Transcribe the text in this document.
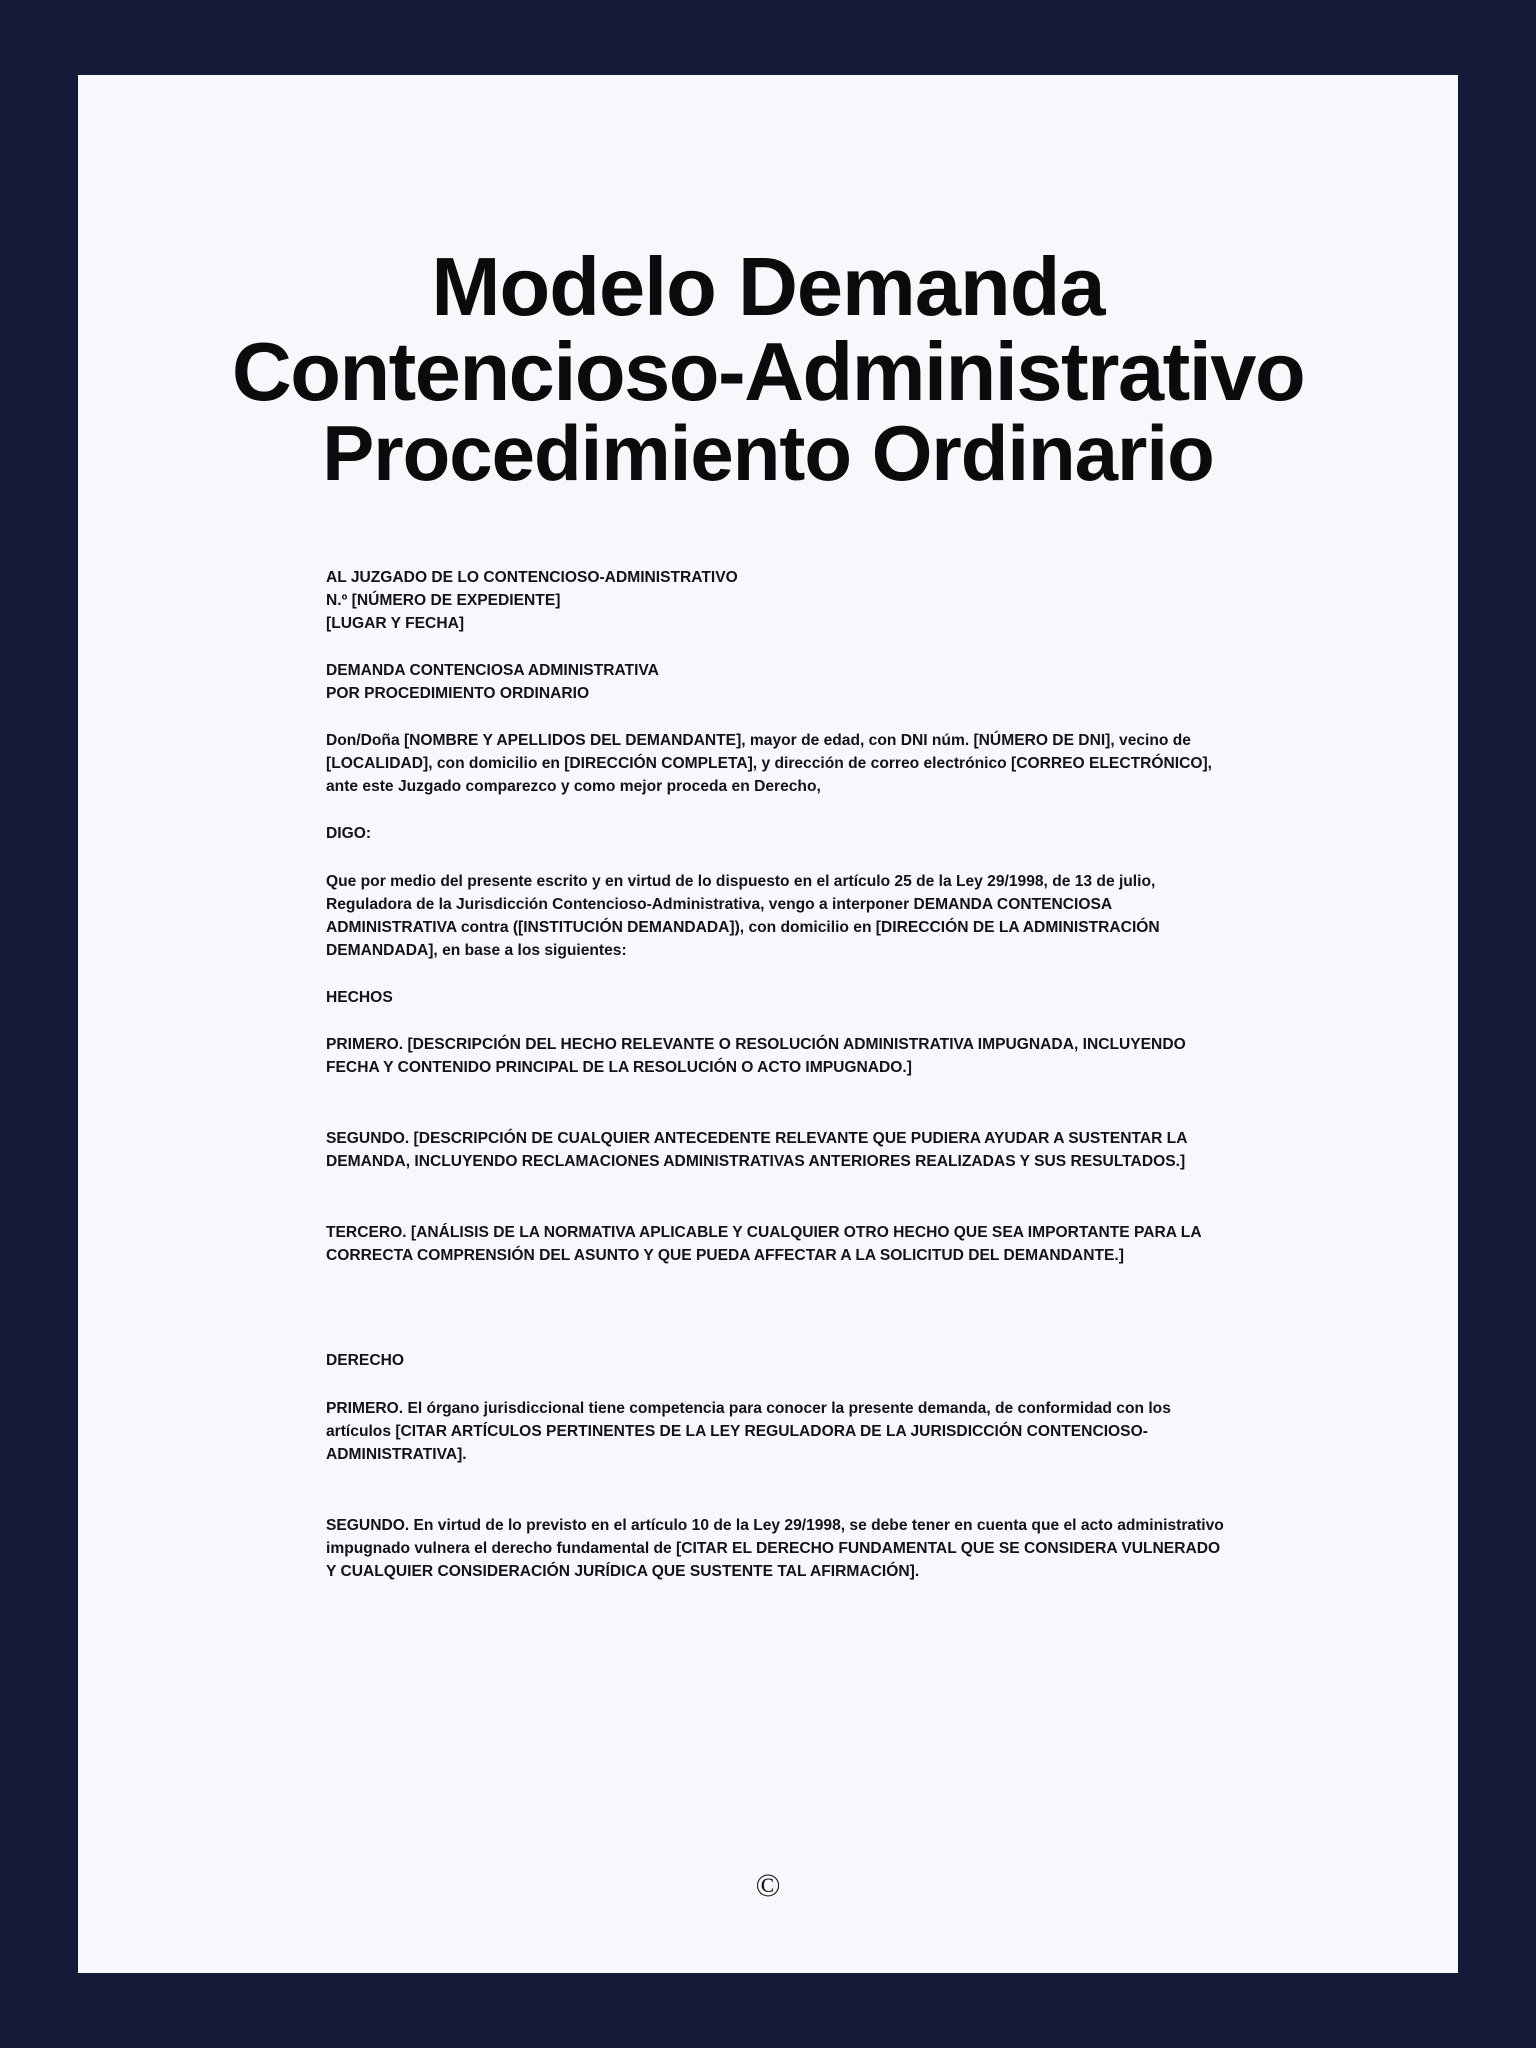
Modelo Demanda
Contencioso-Administrativo
Procedimiento Ordinario

AL JUZGADO DE LO CONTENCIOSO-ADMINISTRATIVO

N.º [NÚMERO DE EXPEDIENTE]

[LUGAR Y FECHA]

DEMANDA CONTENCIOSA ADMINISTRATIVA

POR PROCEDIMIENTO ORDINARIO

Don/Doña [NOMBRE Y APELLIDOS DEL DEMANDANTE], mayor de edad, con DNI núm. [NÚMERO DE DNI], vecino de [LOCALIDAD], con domicilio en [DIRECCIÓN COMPLETA], y dirección de correo electrónico [CORREO ELECTRÓNICO], ante este Juzgado comparezco y como mejor proceda en Derecho,

DIGO:

Que por medio del presente escrito y en virtud de lo dispuesto en el artículo 25 de la Ley 29/1998, de 13 de julio, Reguladora de la Jurisdicción Contencioso-Administrativa, vengo a interponer DEMANDA CONTENCIOSA ADMINISTRATIVA contra ([INSTITUCIÓN DEMANDADA]), con domicilio en [DIRECCIÓN DE LA ADMINISTRACIÓN DEMANDADA], en base a los siguientes:

HECHOS

PRIMERO. [DESCRIPCIÓN DEL HECHO RELEVANTE O RESOLUCIÓN ADMINISTRATIVA IMPUGNADA, INCLUYENDO FECHA Y CONTENIDO PRINCIPAL DE LA RESOLUCIÓN O ACTO IMPUGNADO.]

SEGUNDO. [DESCRIPCIÓN DE CUALQUIER ANTECEDENTE RELEVANTE QUE PUDIERA AYUDAR A SUSTENTAR LA DEMANDA, INCLUYENDO RECLAMACIONES ADMINISTRATIVAS ANTERIORES REALIZADAS Y SUS RESULTADOS.]

TERCERO. [ANÁLISIS DE LA NORMATIVA APLICABLE Y CUALQUIER OTRO HECHO QUE SEA IMPORTANTE PARA LA CORRECTA COMPRENSIÓN DEL ASUNTO Y QUE PUEDA AFFECTAR A LA SOLICITUD DEL DEMANDANTE.]

DERECHO

PRIMERO. El órgano jurisdiccional tiene competencia para conocer la presente demanda, de conformidad con los artículos [CITAR ARTÍCULOS PERTINENTES DE LA LEY REGULADORA DE LA JURISDICCIÓN CONTENCIOSO-ADMINISTRATIVA].

SEGUNDO. En virtud de lo previsto en el artículo 10 de la Ley 29/1998, se debe tener en cuenta que el acto administrativo impugnado vulnera el derecho fundamental de [CITAR EL DERECHO FUNDAMENTAL QUE SE CONSIDERA VULNERADO Y CUALQUIER CONSIDERACIÓN JURÍDICA QUE SUSTENTE TAL AFIRMACIÓN].

©
